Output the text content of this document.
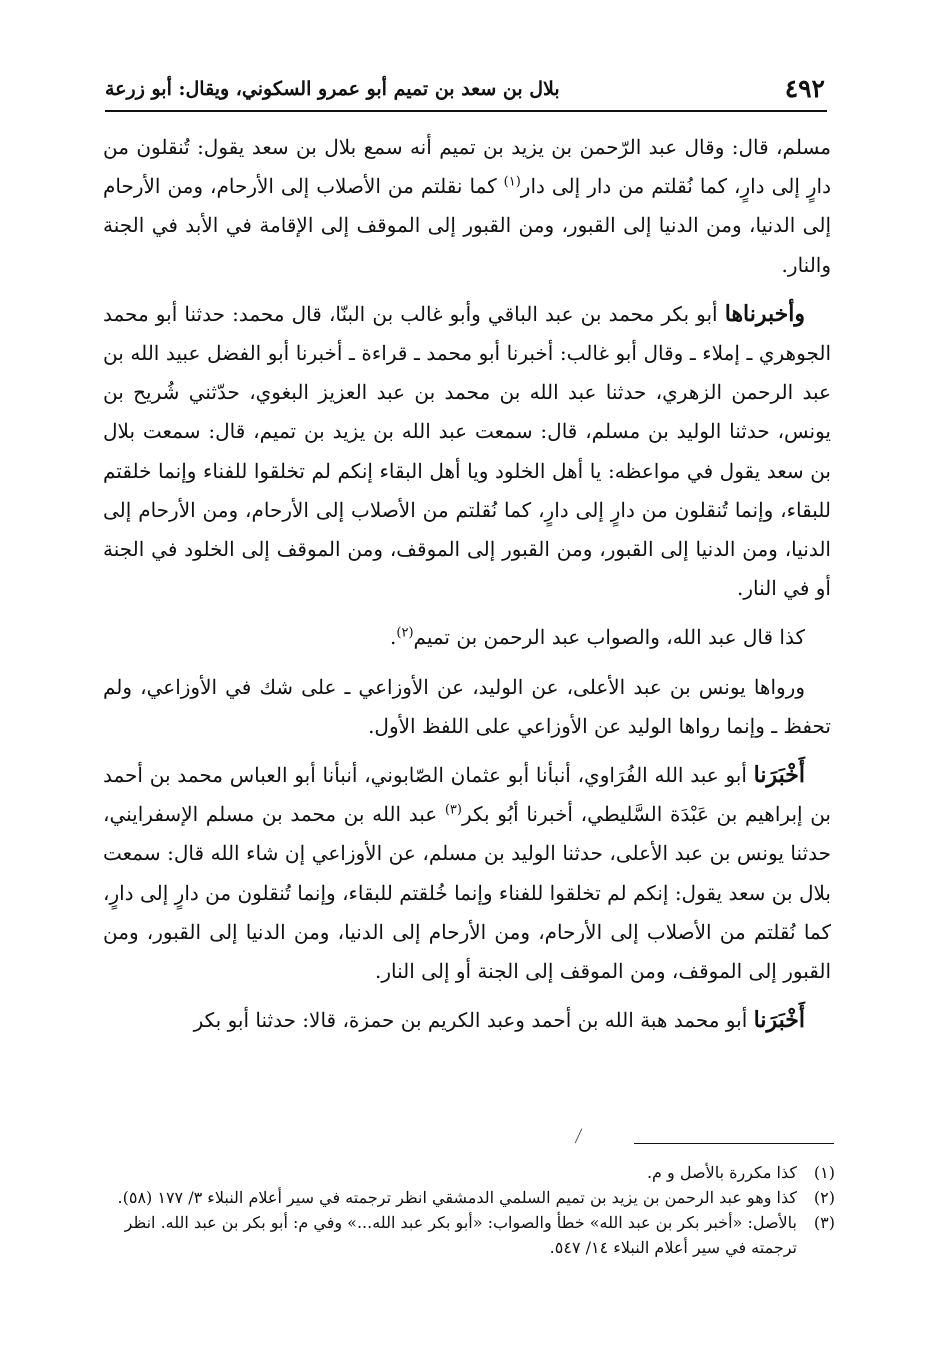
٤٩٢
بلال بن سعد بن تميم أبو عمرو السكوني، ويقال: أبو زرعة

مسلم، قال: وقال عبد الرّحمن بن يزيد بن تميم أنه سمع بلال بن سعد يقول: تُنقلون من دارٍ إلى دارٍ، كما نُقلتم من دار إلى دار$^{(١)}$ كما نقلتم من الأصلاب إلى الأرحام، ومن الأرحام إلى الدنيا، ومن الدنيا إلى القبور، ومن القبور إلى الموقف إلى الإقامة في الأبد في الجنة والنار.

وأخبرناها أبو بكر محمد بن عبد الباقي وأبو غالب بن البنّا، قال محمد: حدثنا أبو محمد الجوهري ـ إملاء ـ وقال أبو غالب: أخبرنا أبو محمد ـ قراءة ـ أخبرنا أبو الفضل عبيد الله بن عبد الرحمن الزهري، حدثنا عبد الله بن محمد بن عبد العزيز البغوي، حدّثني شُريح بن يونس، حدثنا الوليد بن مسلم، قال: سمعت عبد الله بن يزيد بن تميم، قال: سمعت بلال بن سعد يقول في مواعظه: يا أهل الخلود ويا أهل البقاء إنكم لم تخلقوا للفناء وإنما خلقتم للبقاء، وإنما تُنقلون من دارٍ إلى دارٍ، كما نُقلتم من الأصلاب إلى الأرحام، ومن الأرحام إلى الدنيا، ومن الدنيا إلى القبور، ومن القبور إلى الموقف، ومن الموقف إلى الخلود في الجنة أو في النار.

كذا قال عبد الله، والصواب عبد الرحمن بن تميم$^{(٢)}$.

ورواها يونس بن عبد الأعلى، عن الوليد، عن الأوزاعي ـ على شك في الأوزاعي، ولم تحفظ ـ وإنما رواها الوليد عن الأوزاعي على اللفظ الأول.

أَخْبَرَنا أبو عبد الله الفُرَاوي، أنبأنا أبو عثمان الصّابوني، أنبأنا أبو العباس محمد بن أحمد بن إبراهيم بن عَبْدَة السَّليطي، أخبرنا أبُو بكر$^{(٣)}$ عبد الله بن محمد بن مسلم الإسفرايني، حدثنا يونس بن عبد الأعلى، حدثنا الوليد بن مسلم، عن الأوزاعي إن شاء الله قال: سمعت بلال بن سعد يقول: إنكم لم تخلقوا للفناء وإنما خُلقتم للبقاء، وإنما تُنقلون من دارٍ إلى دارٍ، كما نُقلتم من الأصلاب إلى الأرحام، ومن الأرحام إلى الدنيا، ومن الدنيا إلى القبور، ومن القبور إلى الموقف، ومن الموقف إلى الجنة أو إلى النار.

أَخْبَرَنا أبو محمد هبة الله بن أحمد وعبد الكريم بن حمزة، قالا: حدثنا أبو بكر

(١)
كذا مكررة بالأصل و م.
(٢)
كذا وهو عبد الرحمن بن يزيد بن تميم السلمي الدمشقي انظر ترجمته في سير أعلام النبلاء ٣/ ١٧٧ (٥٨).
(٣)
بالأصل: «أخبر بكر بن عبد الله» خطأ والصواب: «أبو بكر عبد الله...» وفي م: أبو بكر بن عبد الله. انظر ترجمته في سير أعلام النبلاء ١٤/ ٥٤٧.
